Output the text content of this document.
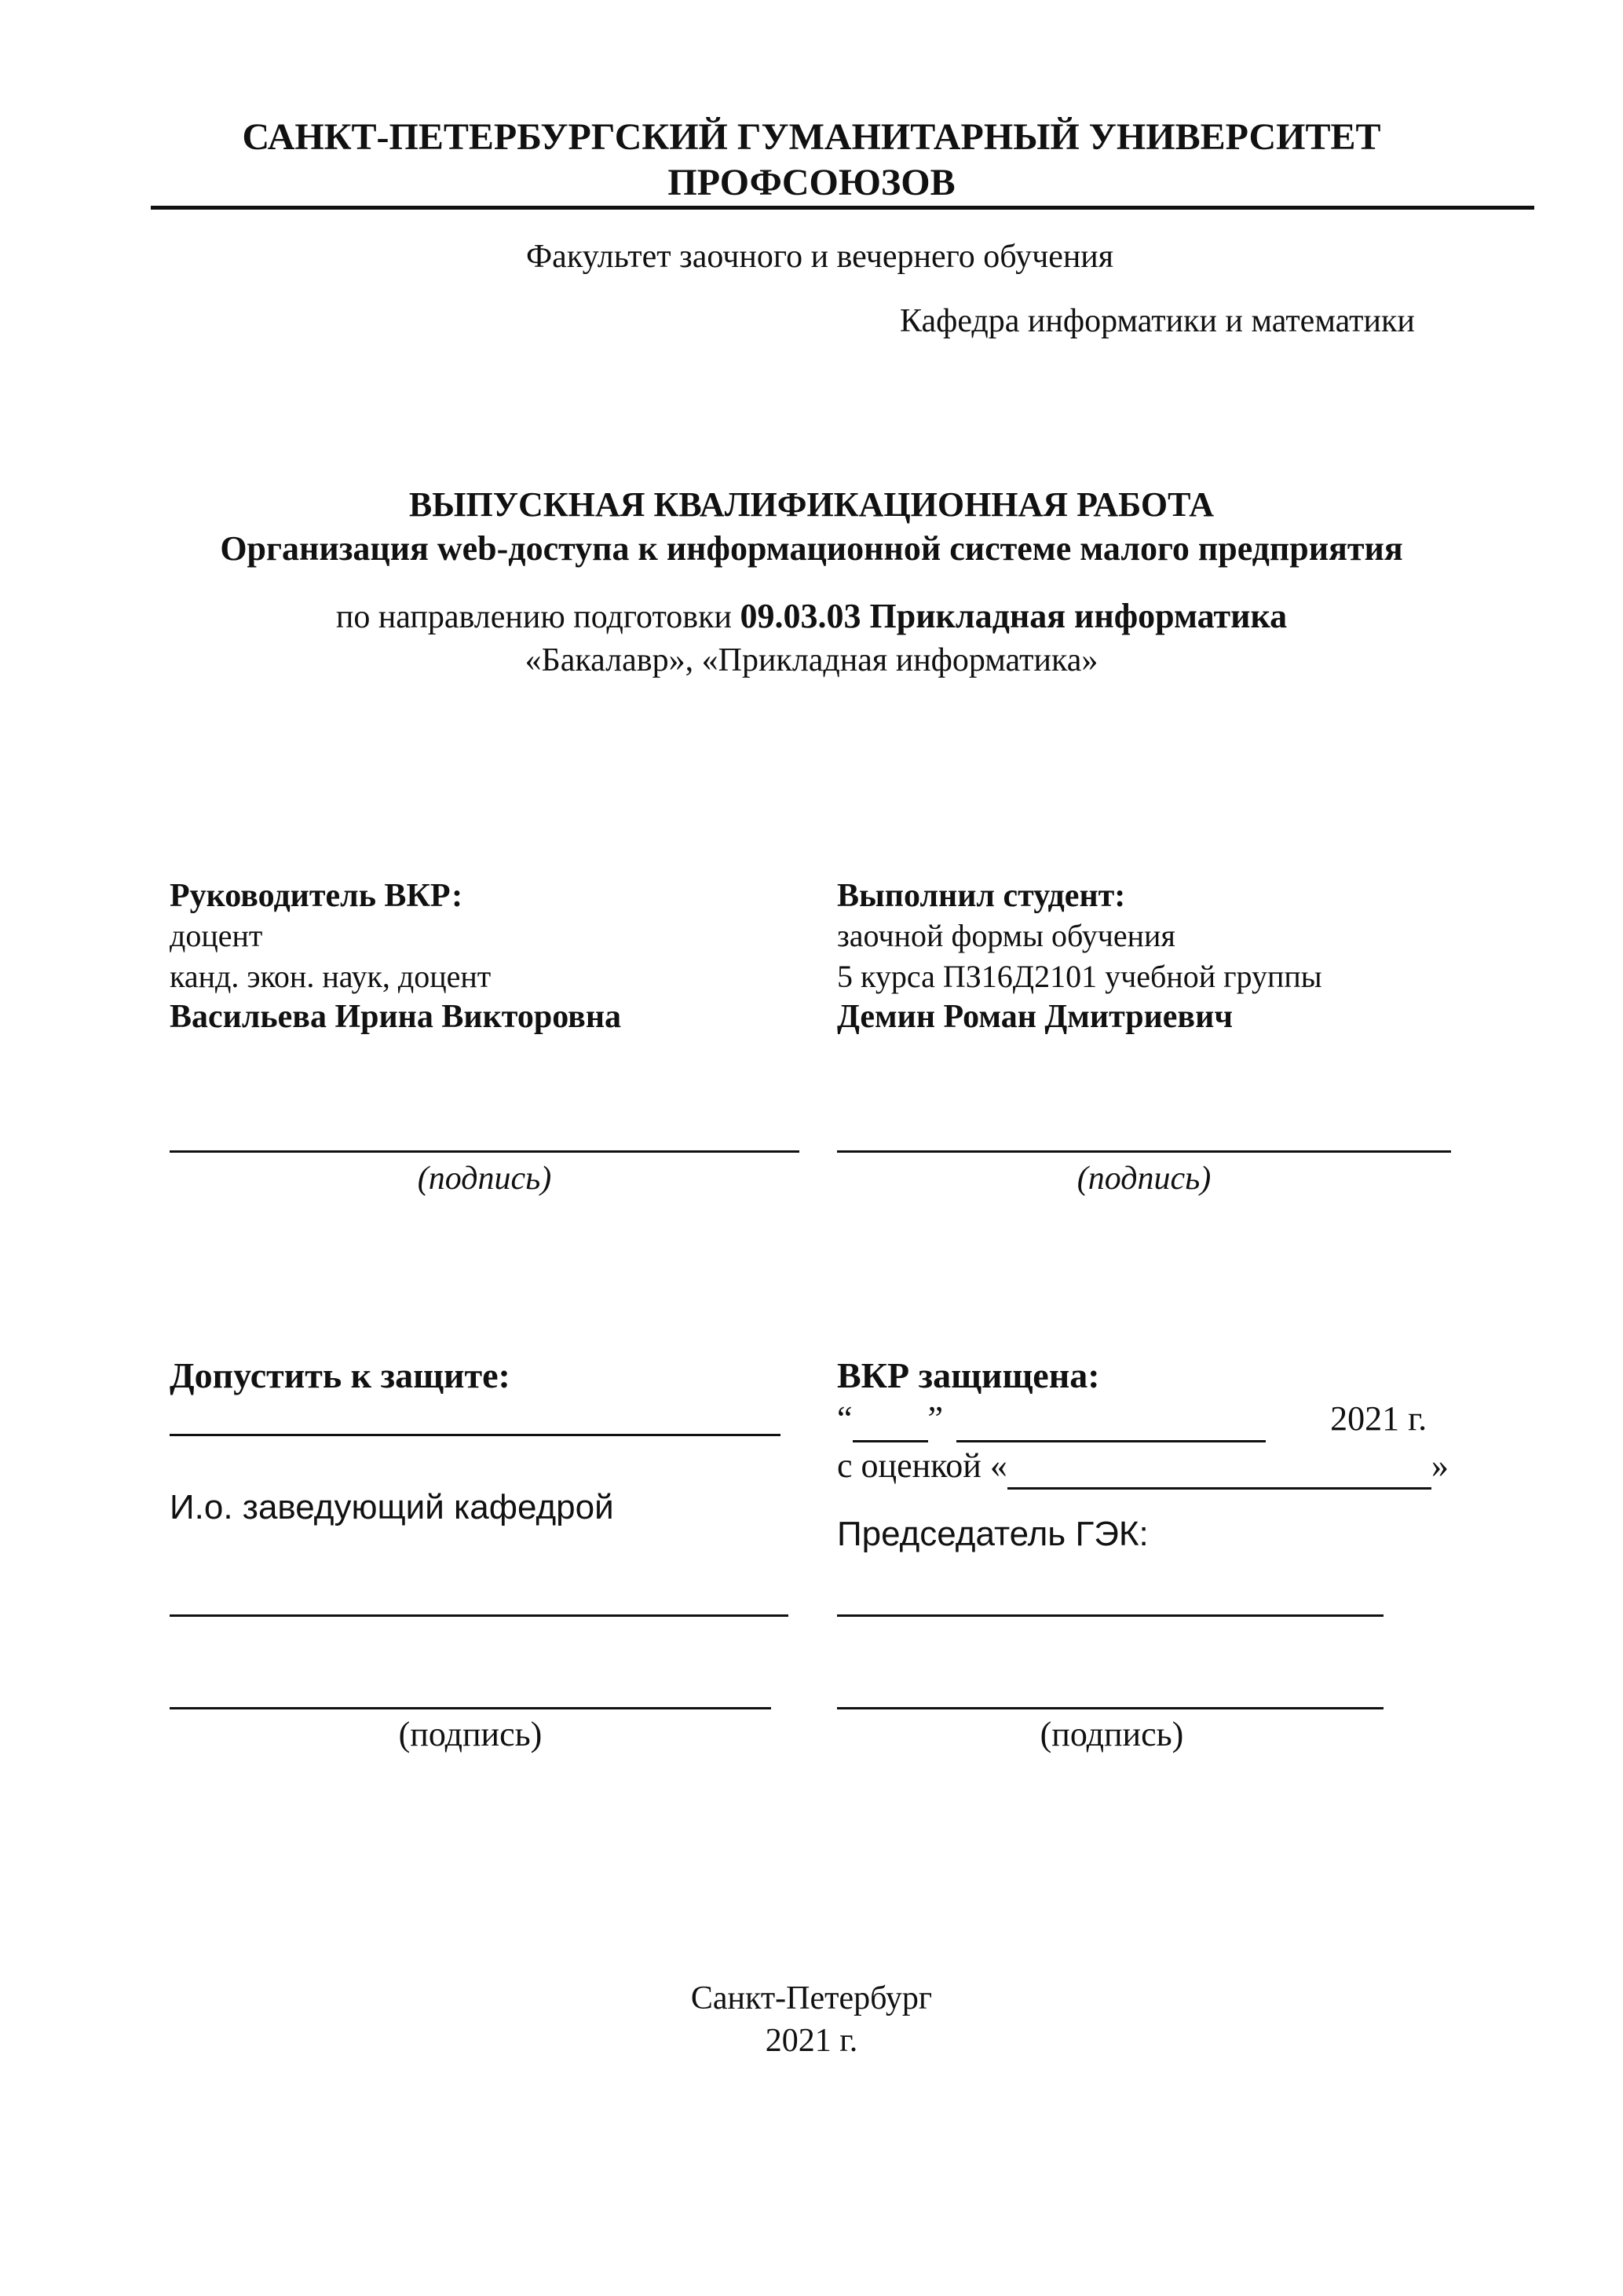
САНКТ-ПЕТЕРБУРГСКИЙ ГУМАНИТАРНЫЙ УНИВЕРСИТЕТ
ПРОФСОЮЗОВ
Факультет заочного и вечернего обучения
Кафедра информатики и математики
ВЫПУСКНАЯ КВАЛИФИКАЦИОННАЯ РАБОТА
Организация web-доступа к информационной системе малого предприятия
по направлению подготовки 09.03.03 Прикладная информатика
«Бакалавр», «Прикладная информатика»
Руководитель ВКР:
доцент
канд. экон. наук, доцент
Васильева Ирина Викторовна
(подпись)
Выполнил студент:
заочной формы обучения
5 курса ПЗ16Д2101 учебной группы
Демин Роман Дмитриевич
(подпись)
Допустить к защите:
И.о. заведующий кафедрой
(подпись)
ВКР защищена:
“ ”	2021 г.
с оценкой «	»
Председатель ГЭК:
(подпись)
Санкт-Петербург
2021 г.
